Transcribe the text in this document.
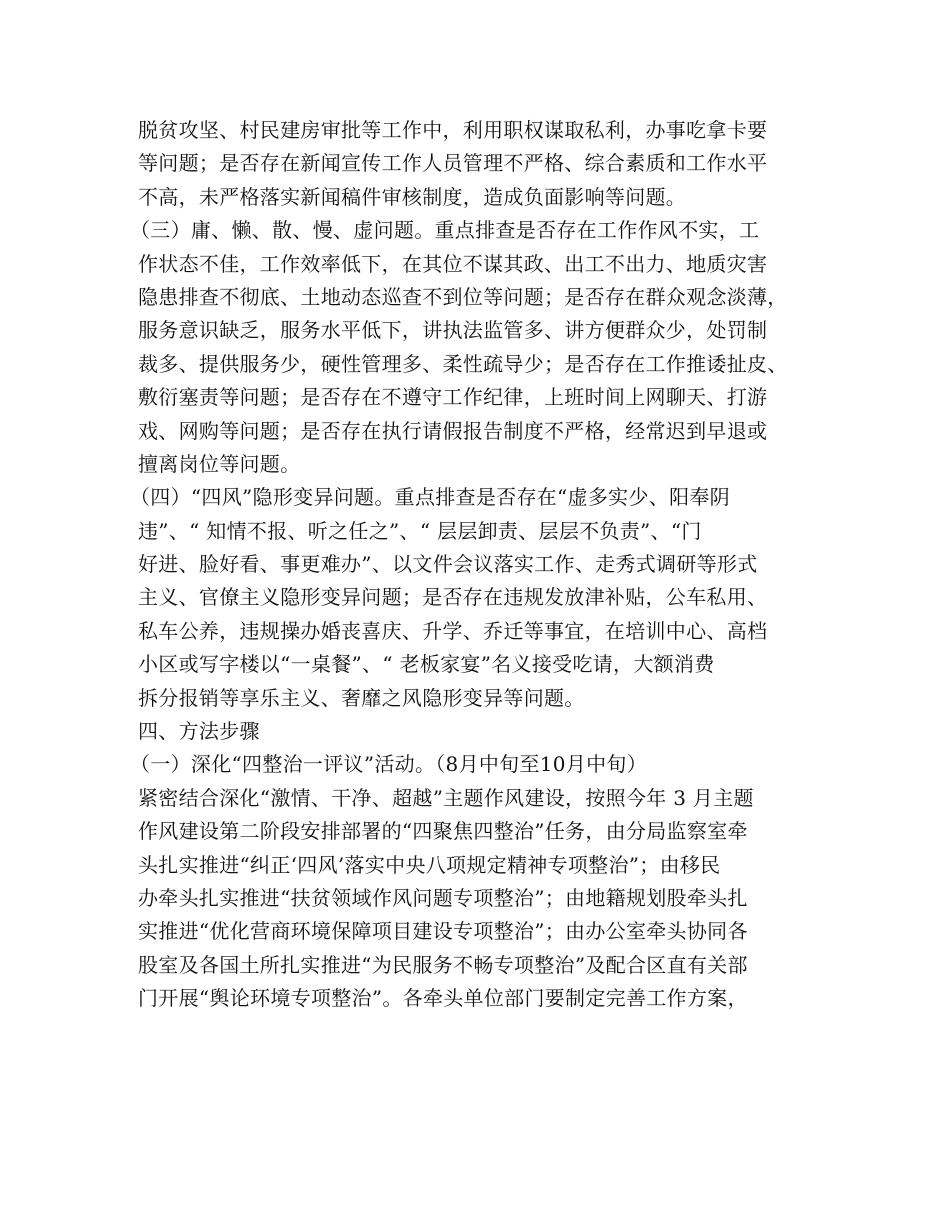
脱贫攻坚、村民建房审批等工作中，利用职权谋取私利，办事吃拿卡要
等问题；是否存在新闻宣传工作人员管理不严格、综合素质和工作水平
不高，未严格落实新闻稿件审核制度，造成负面影响等问题。
（三）庸、懒、散、慢、虚问题。重点排查是否存在工作作风不实，工
作状态不佳，工作效率低下，在其位不谋其政、出工不出力、地质灾害
隐患排查不彻底、土地动态巡查不到位等问题；是否存在群众观念淡薄，
服务意识缺乏，服务水平低下，讲执法监管多、讲方便群众少，处罚制
裁多、提供服务少，硬性管理多、柔性疏导少；是否存在工作推诿扯皮、
敷衍塞责等问题；是否存在不遵守工作纪律，上班时间上网聊天、打游
戏、网购等问题；是否存在执行请假报告制度不严格，经常迟到早退或
擅离岗位等问题。
（四）“四风”隐形变异问题。重点排查是否存在“虚多实少、阳奉阴
违”、“ 知情不报、听之任之”、“ 层层卸责、层层不负责”、“门
好进、脸好看、事更难办”、以文件会议落实工作、走秀式调研等形式
主义、官僚主义隐形变异问题；是否存在违规发放津补贴，公车私用、
私车公养，违规操办婚丧喜庆、升学、乔迁等事宜，在培训中心、高档
小区或写字楼以“一桌餐”、“ 老板家宴”名义接受吃请，大额消费
拆分报销等享乐主义、奢靡之风隐形变异等问题。
四、方法步骤
（一）深化“四整治一评议”活动。（8月中旬至10月中旬）
紧密结合深化“激情、干净、超越”主题作风建设，按照今年 3 月主题
作风建设第二阶段安排部署的“四聚焦四整治”任务，由分局监察室牵
头扎实推进“纠正‘四风’落实中央八项规定精神专项整治”；由移民
办牵头扎实推进“扶贫领域作风问题专项整治”；由地籍规划股牵头扎
实推进“优化营商环境保障项目建设专项整治”；由办公室牵头协同各
股室及各国土所扎实推进“为民服务不畅专项整治”及配合区直有关部
门开展“舆论环境专项整治”。各牵头单位部门要制定完善工作方案，
